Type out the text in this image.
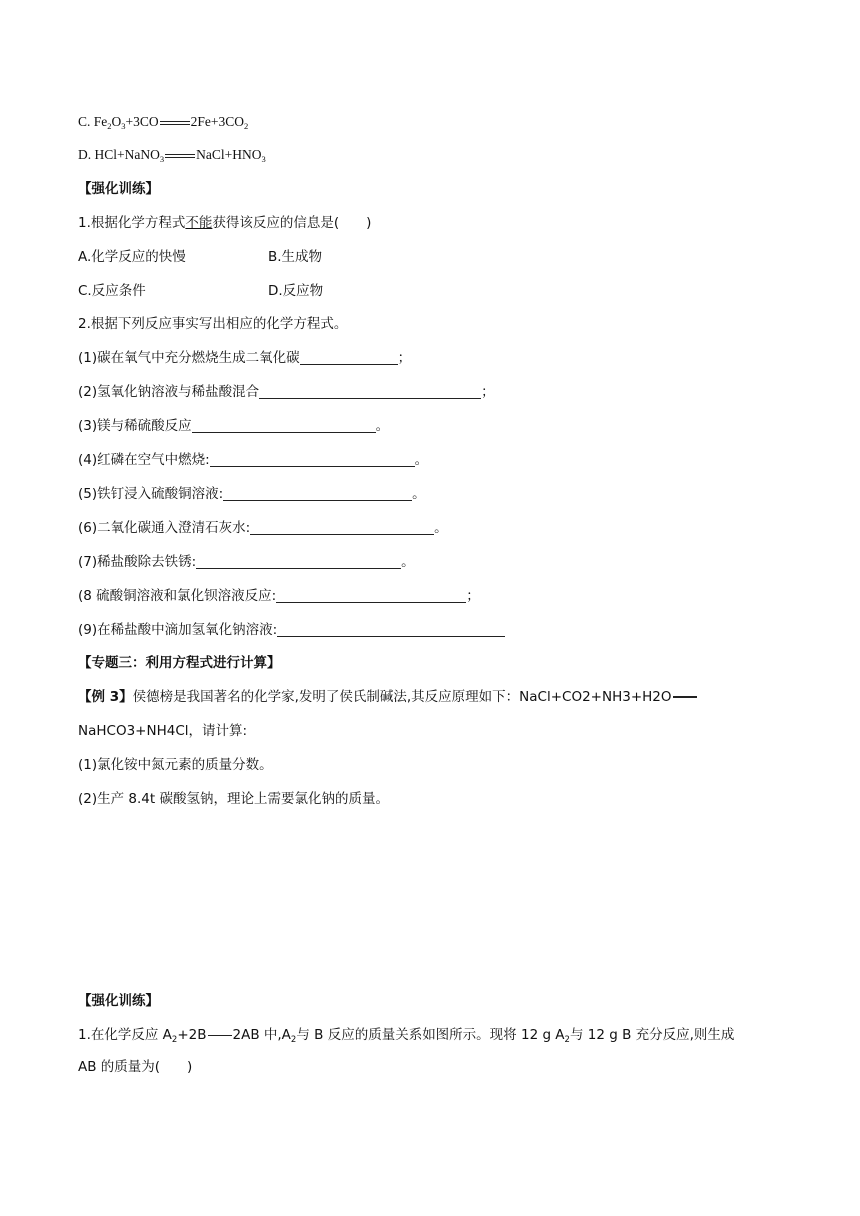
C. $Fe_2O_3+3CO$ $2Fe+3CO_2$
D. HCl+NaNO$_3$ $NaCl+HNO_3$
【强化训练】
1.根据化学方程式不能获得该反应的信息是(　　)
A.化学反应的快慢	B.生成物
C.反应条件	D.反应物
2.根据下列反应事实写出相应的化学方程式。
(1)碳在氧气中充分燃烧生成二氧化碳	；
(2)氢氧化钠溶液与稀盐酸混合	；
(3)镁与稀硫酸反应	。
(4)红磷在空气中燃烧:	。
(5)铁钉浸入硫酸铜溶液:	。
(6)二氧化碳通入澄清石灰水:	。
(7)稀盐酸除去铁锈:	。
(8 硫酸铜溶液和氯化钡溶液反应:	；
(9)在稀盐酸中滴加氢氧化钠溶液:
【专题三：利用方程式进行计算】
【例 3】侯德榜是我国著名的化学家,发明了侯氏制碱法,其反应原理如下：NaCl+CO2+NH3+H2O
NaHCO3+NH4Cl，请计算:
(1)氯化铵中氮元素的质量分数。
(2)生产 8.4t 碳酸氢钠，理论上需要氯化钠的质量。
【强化训练】
1.在化学反应 $A_2+2B$ 2AB 中$,A_2$与 B 反应的质量关系如图所示。现将 12 g $A_2$与 12 g B 充分反应,则生成
AB 的质量为(　　)
